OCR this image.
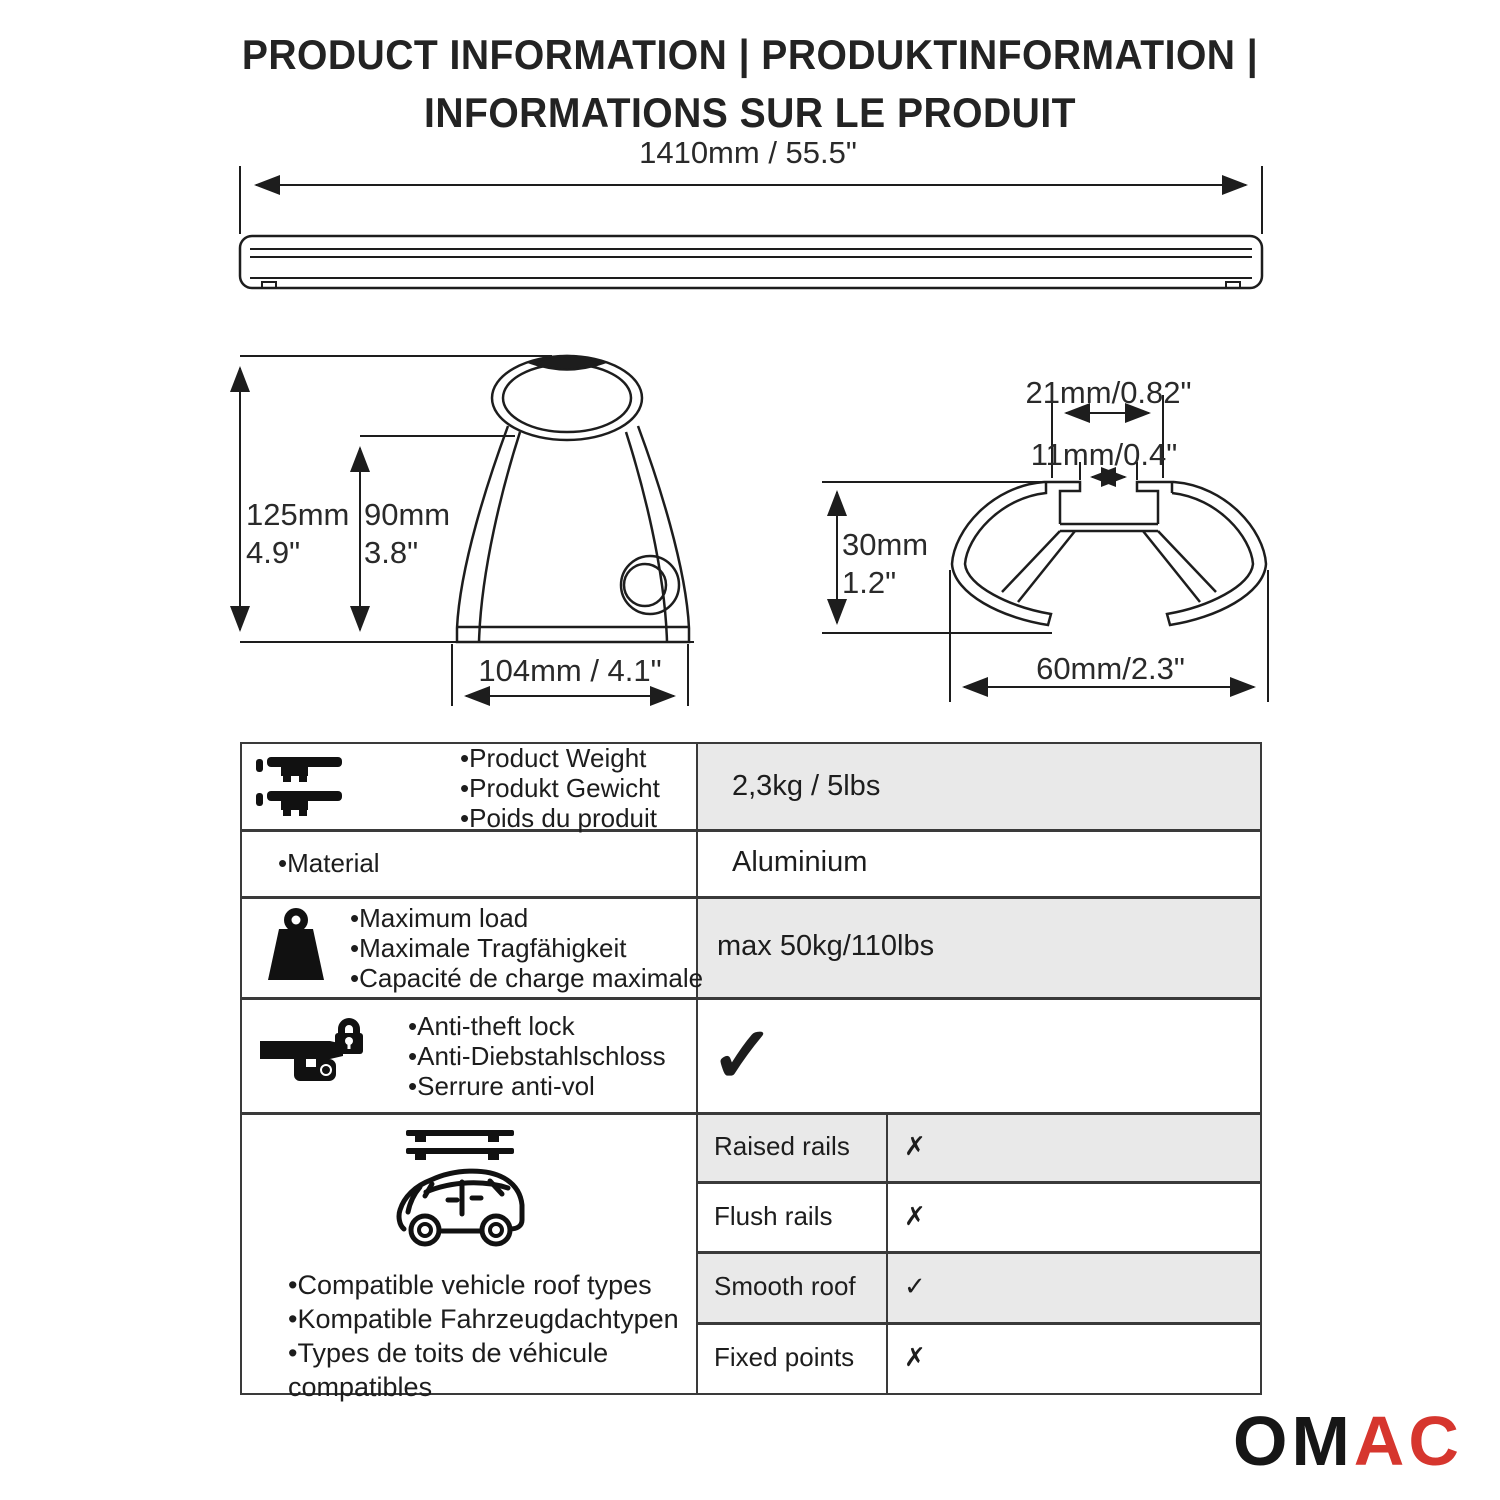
PRODUCT INFORMATION | PRODUKTINFORMATION |
INFORMATIONS SUR LE PRODUIT
1410mm / 55.5"
125mm
4.9"
90mm
3.8"
104mm / 4.1"
21mm/0.82"
11mm/0.4"
30mm
1.2"
60mm/2.3"
•Product Weight
•Produkt Gewicht
•Poids du produit
2,3kg / 5lbs
•Material	Aluminium
•Maximum load
•Maximale Tragfähigkeit
•Capacité de charge maximale
max 50kg/110lbs
•Anti-theft lock
•Anti-Diebstahlschloss
•Serrure anti-vol	✓
•Compatible vehicle roof types
•Kompatible Fahrzeugdachtypen
•Types de toits de véhicule
compatibles
Raised rails ✗
Flush rails	✗
Smooth roof ✓
Fixed points ✗
OMAC
